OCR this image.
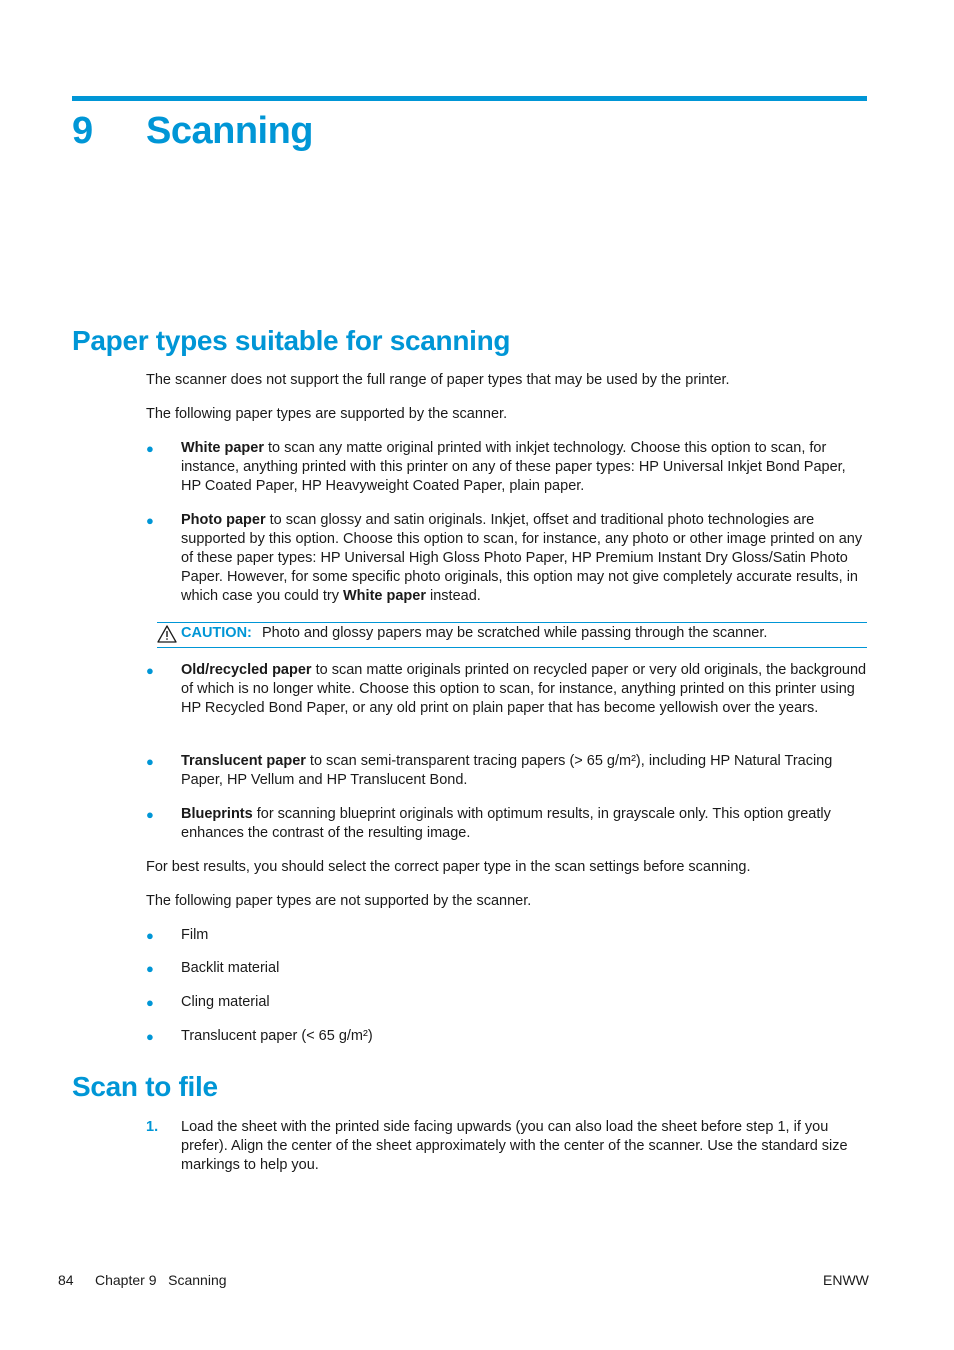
9 Scanning
Paper types suitable for scanning

The scanner does not support the full range of paper types that may be used by the printer.

The following paper types are supported by the scanner.

● White paper to scan any matte original printed with inkjet technology. Choose this option to scan, for instance, anything printed with this printer on any of these paper types: HP Universal Inkjet Bond Paper, HP Coated Paper, HP Heavyweight Coated Paper, plain paper.
● Photo paper to scan glossy and satin originals. Inkjet, offset and traditional photo technologies are supported by this option. Choose this option to scan, for instance, any photo or other image printed on any of these paper types: HP Universal High Gloss Photo Paper, HP Premium Instant Dry Gloss/Satin Photo Paper. However, for some specific photo originals, this option may not give completely accurate results, in which case you could try White paper instead.
CAUTION: Photo and glossy papers may be scratched while passing through the scanner.
● Old/recycled paper to scan matte originals printed on recycled paper or very old originals, the background of which is no longer white. Choose this option to scan, for instance, anything printed on this printer using HP Recycled Bond Paper, or any old print on plain paper that has become yellowish over the years.
● Translucent paper to scan semi-transparent tracing papers (> 65 g/m²), including HP Natural Tracing Paper, HP Vellum and HP Translucent Bond.
● Blueprints for scanning blueprint originals with optimum results, in grayscale only. This option greatly enhances the contrast of the resulting image.

For best results, you should select the correct paper type in the scan settings before scanning.

The following paper types are not supported by the scanner.

● Film
● Backlit material
● Cling material
● Translucent paper (< 65 g/m²)
Scan to file
1. Load the sheet with the printed side facing upwards (you can also load the sheet before step 1, if you prefer). Align the center of the sheet approximately with the center of the scanner. Use the standard size markings to help you.
84 Chapter 9   Scanning	ENWW
